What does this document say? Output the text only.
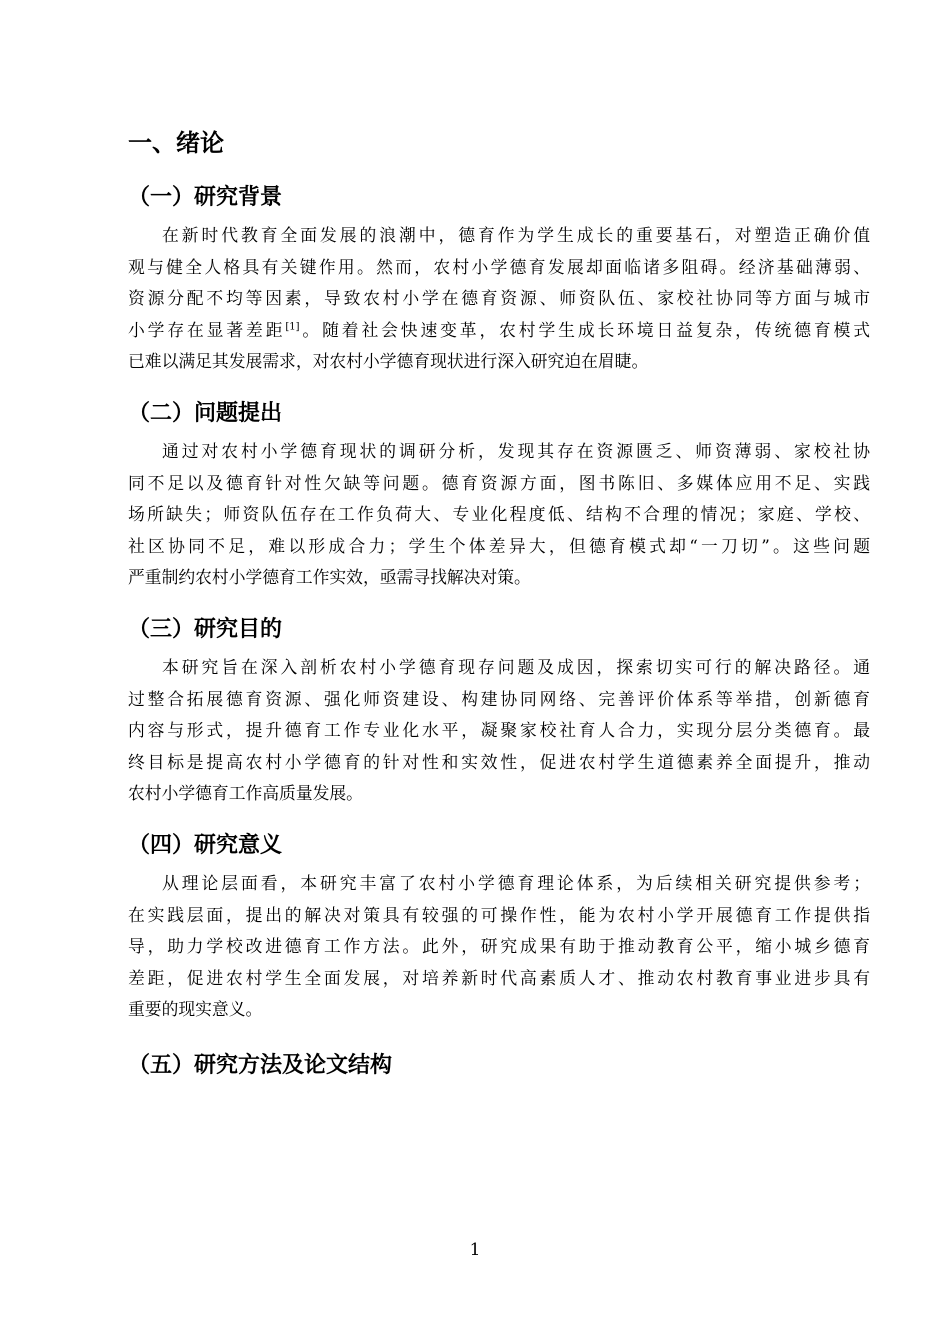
一、绪论
（一）研究背景
在新时代教育全面发展的浪潮中，德育作为学生成长的重要基石，对塑造正确价值
观与健全人格具有关键作用。然而，农村小学德育发展却面临诸多阻碍。经济基础薄弱、
资源分配不均等因素，导致农村小学在德育资源、师资队伍、家校社协同等方面与城市
小学存在显著差距[1]。随着社会快速变革，农村学生成长环境日益复杂，传统德育模式
已难以满足其发展需求，对农村小学德育现状进行深入研究迫在眉睫。
（二）问题提出
通过对农村小学德育现状的调研分析，发现其存在资源匮乏、师资薄弱、家校社协
同不足以及德育针对性欠缺等问题。德育资源方面，图书陈旧、多媒体应用不足、实践
场所缺失；师资队伍存在工作负荷大、专业化程度低、结构不合理的情况；家庭、学校、
社区协同不足，难以形成合力；学生个体差异大，但德育模式却“一刀切”。这些问题
严重制约农村小学德育工作实效，亟需寻找解决对策。
（三）研究目的
本研究旨在深入剖析农村小学德育现存问题及成因，探索切实可行的解决路径。通
过整合拓展德育资源、强化师资建设、构建协同网络、完善评价体系等举措，创新德育
内容与形式，提升德育工作专业化水平，凝聚家校社育人合力，实现分层分类德育。最
终目标是提高农村小学德育的针对性和实效性，促进农村学生道德素养全面提升，推动
农村小学德育工作高质量发展。
（四）研究意义
从理论层面看，本研究丰富了农村小学德育理论体系，为后续相关研究提供参考；
在实践层面，提出的解决对策具有较强的可操作性，能为农村小学开展德育工作提供指
导，助力学校改进德育工作方法。此外，研究成果有助于推动教育公平，缩小城乡德育
差距，促进农村学生全面发展，对培养新时代高素质人才、推动农村教育事业进步具有
重要的现实意义。
（五）研究方法及论文结构
1
